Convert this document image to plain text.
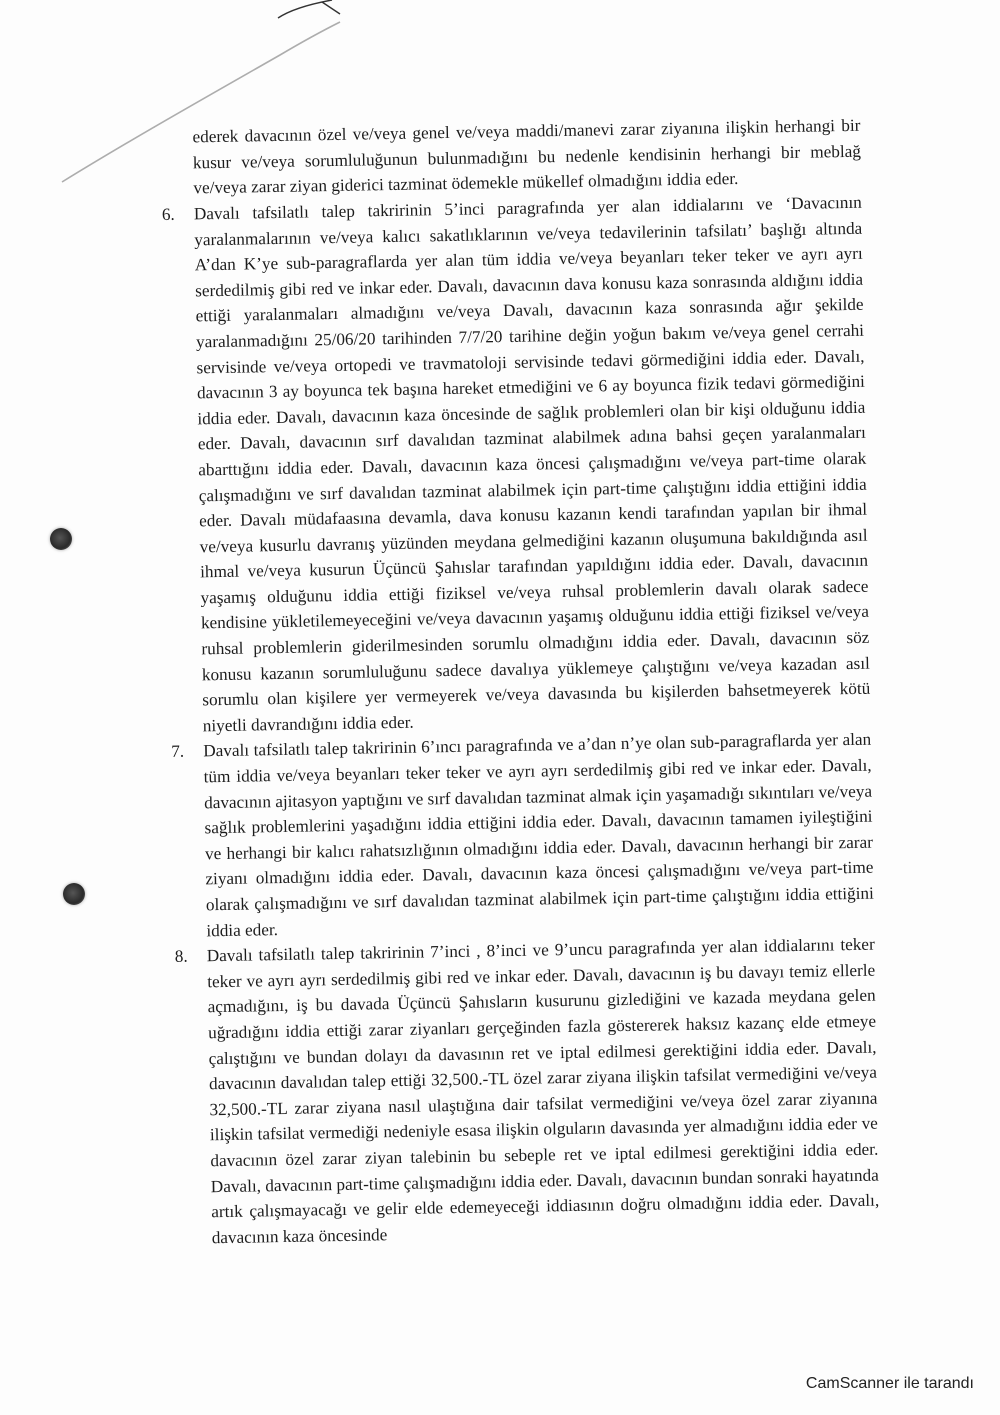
ederek davacının özel ve/veya genel ve/veya maddi/manevi zarar ziyanına ilişkin herhangi bir kusur ve/veya sorumluluğunun bulunmadığını bu nedenle kendisinin herhangi bir meblağ ve/veya zarar ziyan giderici tazminat ödemekle mükellef olmadığını iddia eder.

6. Davalı tafsilatlı talep takririnin 5’inci paragrafında yer alan iddialarını ve ‘Davacının yaralanmalarının ve/veya kalıcı sakatlıklarının ve/veya tedavilerinin tafsilatı’ başlığı altında A’dan K’ye sub-paragraflarda yer alan tüm iddia ve/veya beyanları teker teker ve ayrı ayrı serdedilmiş gibi red ve inkar eder. Davalı, davacının dava konusu kaza sonrasında aldığını iddia ettiği yaralanmaları almadığını ve/veya Davalı, davacının kaza sonrasında ağır şekilde yaralanmadığını 25/06/20 tarihinden 7/7/20 tarihine değin yoğun bakım ve/veya genel cerrahi servisinde ve/veya ortopedi ve travmatoloji servisinde tedavi görmediğini iddia eder. Davalı, davacının 3 ay boyunca tek başına hareket etmediğini ve 6 ay boyunca fizik tedavi görmediğini iddia eder. Davalı, davacının kaza öncesinde de sağlık problemleri olan bir kişi olduğunu iddia eder. Davalı, davacının sırf davalıdan tazminat alabilmek adına bahsi geçen yaralanmaları abarttığını iddia eder. Davalı, davacının kaza öncesi çalışmadığını ve/veya part-time olarak çalışmadığını ve sırf davalıdan tazminat alabilmek için part-time çalıştığını iddia ettiğini iddia eder. Davalı müdafaasına devamla, dava konusu kazanın kendi tarafından yapılan bir ihmal ve/veya kusurlu davranış yüzünden meydana gelmediğini kazanın oluşumuna bakıldığında asıl ihmal ve/veya kusurun Üçüncü Şahıslar tarafından yapıldığını iddia eder. Davalı, davacının yaşamış olduğunu iddia ettiği fiziksel ve/veya ruhsal problemlerin davalı olarak sadece kendisine yükletilemeyeceğini ve/veya davacının yaşamış olduğunu iddia ettiği fiziksel ve/veya ruhsal problemlerin giderilmesinden sorumlu olmadığını iddia eder. Davalı, davacının söz konusu kazanın sorumluluğunu sadece davalıya yüklemeye çalıştığını ve/veya kazadan asıl sorumlu olan kişilere yer vermeyerek ve/veya davasında bu kişilerden bahsetmeyerek kötü niyetli davrandığını iddia eder.
7. Davalı tafsilatlı talep takririnin 6’ıncı paragrafında ve a’dan n’ye olan sub-paragraflarda yer alan tüm iddia ve/veya beyanları teker teker ve ayrı ayrı serdedilmiş gibi red ve inkar eder. Davalı, davacının ajitasyon yaptığını ve sırf davalıdan tazminat almak için yaşamadığı sıkıntıları ve/veya sağlık problemlerini yaşadığını iddia ettiğini iddia eder. Davalı, davacının tamamen iyileştiğini ve herhangi bir kalıcı rahatsızlığının olmadığını iddia eder. Davalı, davacının herhangi bir zarar ziyanı olmadığını iddia eder. Davalı, davacının kaza öncesi çalışmadığını ve/veya part-time olarak çalışmadığını ve sırf davalıdan tazminat alabilmek için part-time çalıştığını iddia ettiğini iddia eder.
8. Davalı tafsilatlı talep takririnin 7’inci , 8’inci ve 9’uncu paragrafında yer alan iddialarını teker teker ve ayrı ayrı serdedilmiş gibi red ve inkar eder. Davalı, davacının iş bu davayı temiz ellerle açmadığını, iş bu davada Üçüncü Şahısların kusurunu gizlediğini ve kazada meydana gelen uğradığını iddia ettiği zarar ziyanları gerçeğinden fazla göstererek haksız kazanç elde etmeye çalıştığını ve bundan dolayı da davasının ret ve iptal edilmesi gerektiğini iddia eder. Davalı, davacının davalıdan talep ettiği 32,500.-TL özel zarar ziyana ilişkin tafsilat vermediğini ve/veya 32,500.-TL zarar ziyana nasıl ulaştığına dair tafsilat vermediğini ve/veya özel zarar ziyanına ilişkin tafsilat vermediği nedeniyle esasa ilişkin olguların davasında yer almadığını iddia eder ve davacının özel zarar ziyan talebinin bu sebeple ret ve iptal edilmesi gerektiğini iddia eder. Davalı, davacının part-time çalışmadığını iddia eder. Davalı, davacının bundan sonraki hayatında artık çalışmayacağı ve gelir elde edemeyeceği iddiasının doğru olmadığını iddia eder. Davalı, davacının kaza öncesinde
CamScanner ile tarandı
